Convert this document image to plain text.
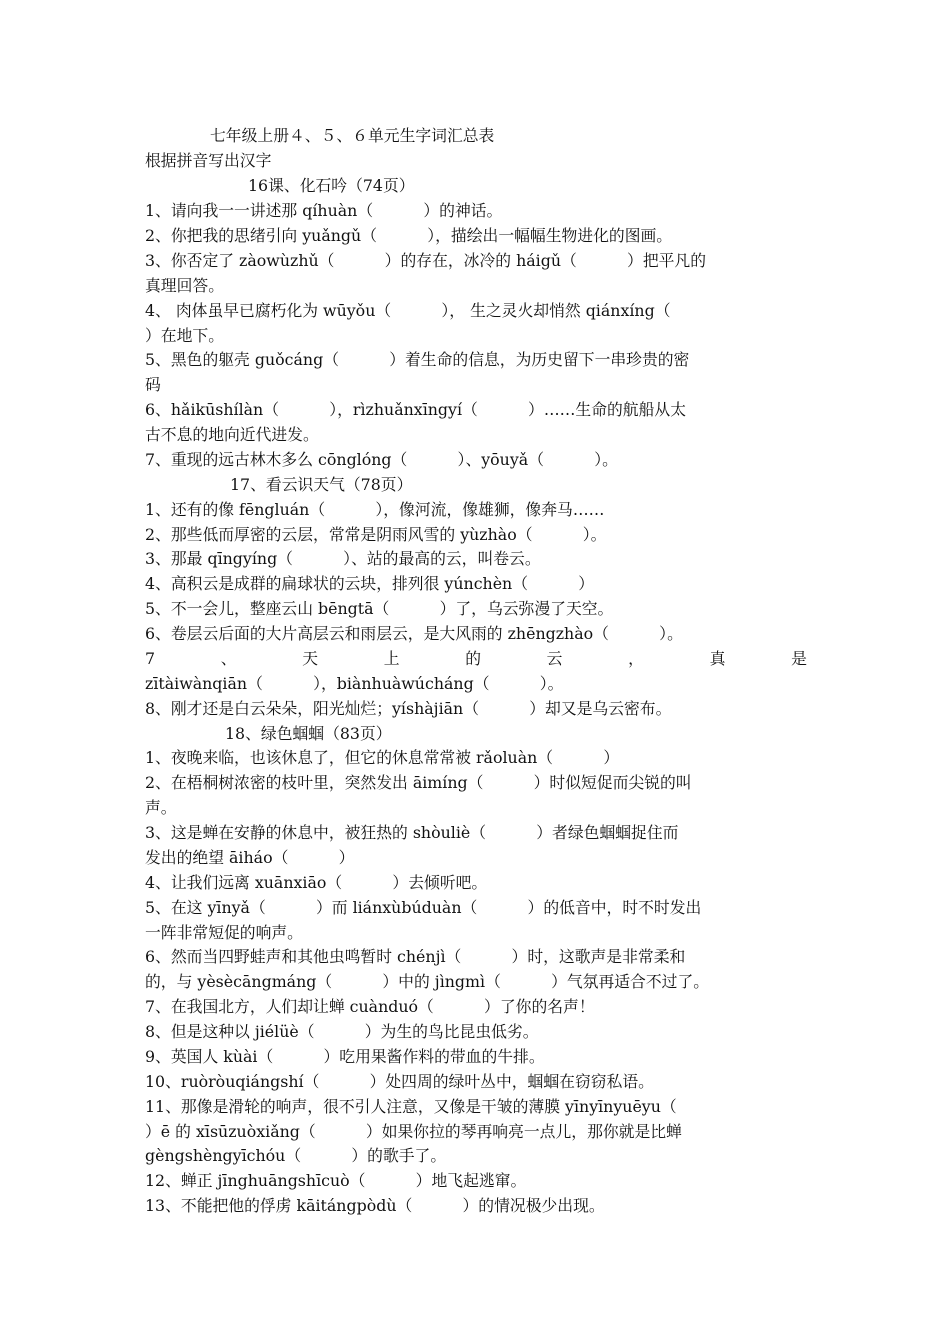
七年级上册４、５、６单元生字词汇总表
根据拼音写出汉字
16课、化石吟（74页）
1、请向我一一讲述那 qíhuàn（          ）的神话。
2、你把我的思绪引向 yuǎngǔ（          ），描绘出一幅幅生物进化的图画。
3、你否定了 zàowùzhǔ（          ）的存在，冰冷的 háigǔ（          ）把平凡的
真理回答。
4、 肉体虽早已腐朽化为 wūyǒu（          ）， 生之灵火却悄然 qiánxíng（
）在地下。
5、黑色的躯壳 guǒcáng（          ）着生命的信息，为历史留下一串珍贵的密
码
6、hǎikūshílàn（          ），rìzhuǎnxīngyí（          ）……生命的航船从太
古不息的地向近代进发。
7、重现的远古林木多么 cōnglóng（          ）、yōuyǎ（          ）。
17、看云识天气（78页）
1、还有的像 fēngluán（          ），像河流，像雄狮，像奔马……
2、那些低而厚密的云层，常常是阴雨风雪的 yùzhào（          ）。
3、那最 qīngyíng（          ）、站的最高的云，叫卷云。
4、高积云是成群的扁球状的云块，排列很 yúnchèn（          ）
5、不一会儿，整座云山 bēngtā（          ）了，乌云弥漫了天空。
6、卷层云后面的大片高层云和雨层云，是大风雨的 zhēngzhào（          ）。
7	、	天	上	的	云	，	真	是
zītàiwànqiān（          ），biànhuàwúcháng（          ）。
8、刚才还是白云朵朵，阳光灿烂；yíshàjiān（          ）却又是乌云密布。
18、绿色蝈蝈（83页）
1、夜晚来临，也该休息了，但它的休息常常被 rǎoluàn（          ）
2、在梧桐树浓密的枝叶里，突然发出 āimíng（          ）时似短促而尖锐的叫
声。
3、这是蝉在安静的休息中，被狂热的 shòuliè（          ）者绿色蝈蝈捉住而
发出的绝望 āiháo（          ）
4、让我们远离 xuānxiāo（          ）去倾听吧。
5、在这 yīnyǎ（          ）而 liánxùbúduàn（          ）的低音中，时不时发出
一阵非常短促的响声。
6、然而当四野蛙声和其他虫鸣暂时 chénjì（          ）时，这歌声是非常柔和
的，与 yèsècāngmáng（          ）中的 jìngmì（          ）气氛再适合不过了。
7、在我国北方，人们却让蝉 cuànduó（          ）了你的名声！
8、但是这种以 jiélüè（          ）为生的鸟比昆虫低劣。
9、英国人 kùài（          ）吃用果酱作料的带血的牛排。
10、ruòròuqiángshí（          ）处四周的绿叶丛中，蝈蝈在窃窃私语。
11、那像是滑轮的响声，很不引人注意，又像是干皱的薄膜 yīnyīnyuēyu（
）ē 的 xīsūzuòxiǎng（          ）如果你拉的琴再响亮一点儿，那你就是比蝉
gèngshèngyīchóu（          ）的歌手了。
12、蝉正 jīnghuāngshīcuò（          ）地飞起逃窜。
13、不能把他的俘虏 kāitángpòdù（          ）的情况极少出现。
